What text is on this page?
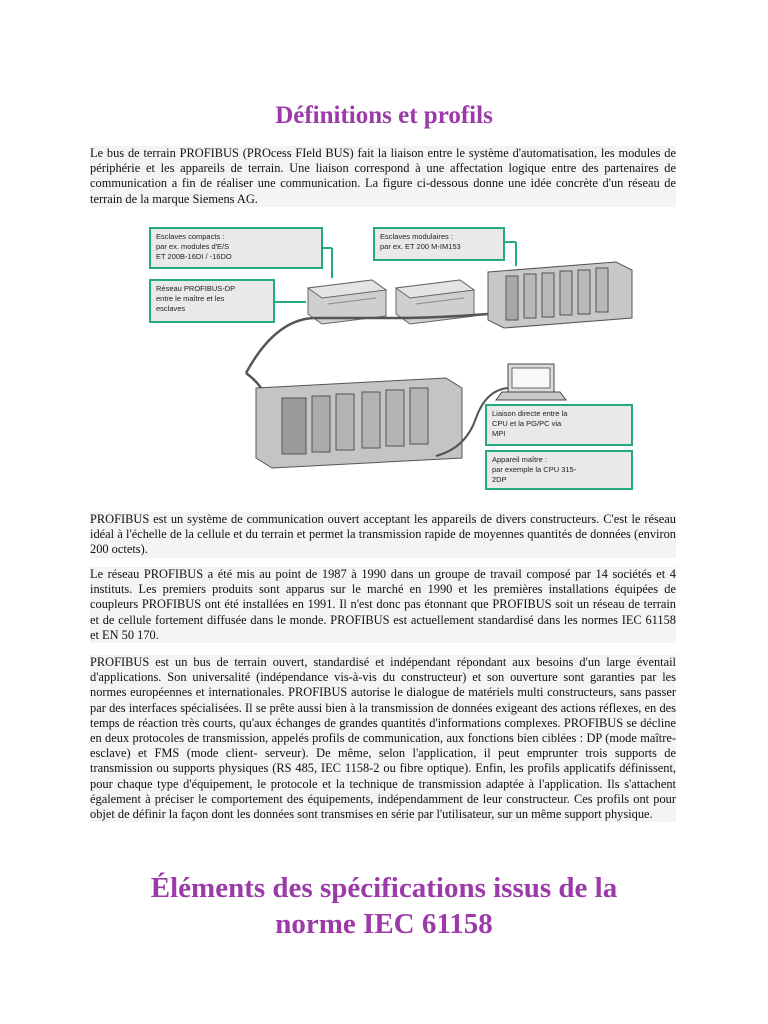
Définitions et profils

Le bus de terrain PROFIBUS (PROcess FIeld BUS) fait la liaison entre le système d'automatisation, les modules de périphérie et les appareils de terrain. Une liaison correspond à une affectation logique entre des partenaires de communication a fin de réaliser une communication. La figure ci-dessous donne une idée concrète d'un réseau de terrain de la marque Siemens AG.

Esclaves compacts :
par ex. modules d'E/S
ET 200B-16DI / -16DO
Esclaves modulaires :
par ex. ET 200 M-IM153
Réseau PROFIBUS-DP
entre le maître et les
esclaves
Liaison directe entre la
CPU et la PG/PC via
MPI
Appareil maître :
par exemple la CPU 315-
2DP

PROFIBUS est un système de communication ouvert acceptant les appareils de divers constructeurs. C'est le réseau idéal à l'échelle de la cellule et du terrain et permet la transmission rapide de moyennes quantités de données (environ 200 octets).

Le réseau PROFIBUS a été mis au point de 1987 à 1990 dans un groupe de travail composé par 14 sociétés et 4 instituts. Les premiers produits sont apparus sur le marché en 1990 et les premières installations équipées de coupleurs PROFIBUS ont été installées en 1991. Il n'est donc pas étonnant que PROFIBUS soit un réseau de terrain et de cellule fortement diffusée dans le monde. PROFIBUS est actuellement standardisé dans les normes IEC 61158 et EN 50 170.

PROFIBUS est un bus de terrain ouvert, standardisé et indépendant répondant aux besoins d'un large éventail d'applications. Son universalité (indépendance vis-à-vis du constructeur) et son ouverture sont garanties par les normes européennes et internationales. PROFIBUS autorise le dialogue de matériels multi constructeurs, sans passer par des interfaces spécialisées. Il se prête aussi bien à la transmission de données exigeant des actions réflexes, en des temps de réaction très courts, qu'aux échanges de grandes quantités d'informations complexes. PROFIBUS se décline en deux protocoles de transmission, appelés profils de communication, aux fonctions bien ciblées : DP (mode maître-esclave) et FMS (mode client- serveur). De même, selon l'application, il peut emprunter trois supports de transmission ou supports physiques (RS 485, IEC 1158-2 ou fibre optique). Enfin, les profils applicatifs définissent, pour chaque type d'équipement, le protocole et la technique de transmission adaptée à l'application. Ils s'attachent également à préciser le comportement des équipements, indépendamment de leur constructeur. Ces profils ont pour objet de définir la façon dont les données sont transmises en série par l'utilisateur, sur un même support physique.

Éléments des spécifications issus de la
norme IEC 61158
